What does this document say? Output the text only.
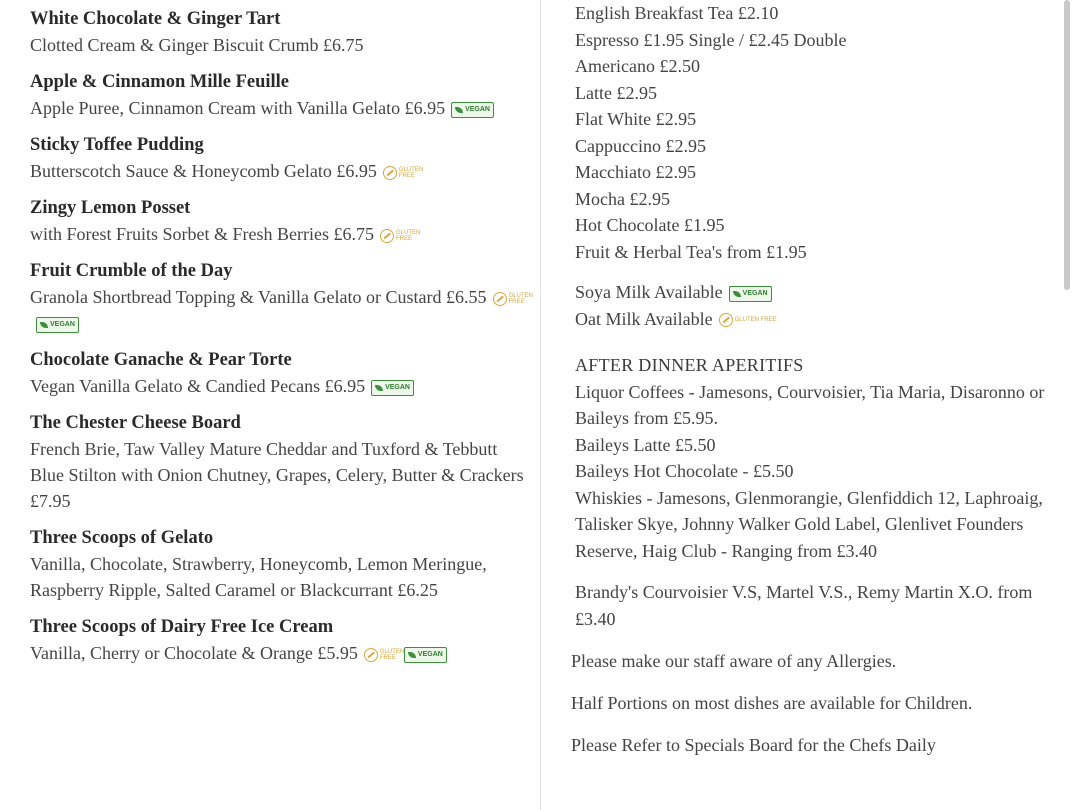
White Chocolate & Ginger Tart
Clotted Cream & Ginger Biscuit Crumb £6.75
Apple & Cinnamon Mille Feuille
Apple Puree, Cinnamon Cream with Vanilla Gelato £6.95	VEGAN
Sticky Toffee Pudding
Butterscotch Sauce & Honeycomb Gelato £6.95	GLUTEN FREE
Zingy Lemon Posset
with Forest Fruits Sorbet & Fresh Berries £6.75	GLUTEN FREE
Fruit Crumble of the Day
Granola Shortbread Topping & Vanilla Gelato or Custard £6.55	GLUTEN FREE
VEGAN
Chocolate Ganache & Pear Torte
Vegan Vanilla Gelato & Candied Pecans £6.95	VEGAN
The Chester Cheese Board
French Brie, Taw Valley Mature Cheddar and Tuxford & Tebbutt Blue Stilton with Onion Chutney, Grapes, Celery, Butter & Crackers £7.95
Three Scoops of Gelato
Vanilla, Chocolate, Strawberry, Honeycomb, Lemon Meringue, Raspberry Ripple, Salted Caramel or Blackcurrant £6.25
Three Scoops of Dairy Free Ice Cream
Vanilla, Cherry or Chocolate & Orange £5.95	GLUTEN FREE	VEGAN
English Breakfast Tea £2.10
Espresso £1.95 Single / £2.45 Double
Americano £2.50
Latte £2.95
Flat White £2.95
Cappuccino £2.95
Macchiato £2.95
Mocha £2.95
Hot Chocolate £1.95
Fruit & Herbal Tea's from £1.95
Soya Milk Available	VEGAN
Oat Milk Available	GLUTEN FREE
AFTER DINNER APERITIFS
Liquor Coffees - Jamesons, Courvoisier, Tia Maria, Disaronno or Baileys from £5.95.
Baileys Latte £5.50
Baileys Hot Chocolate - £5.50
Whiskies - Jamesons, Glenmorangie, Glenfiddich 12, Laphroaig, Talisker Skye, Johnny Walker Gold Label, Glenlivet Founders Reserve, Haig Club - Ranging from £3.40
Brandy's Courvoisier V.S, Martel V.S., Remy Martin X.O. from £3.40
Please make our staff aware of any Allergies.
Half Portions on most dishes are available for Children.
Please Refer to Specials Board for the Chefs Daily
